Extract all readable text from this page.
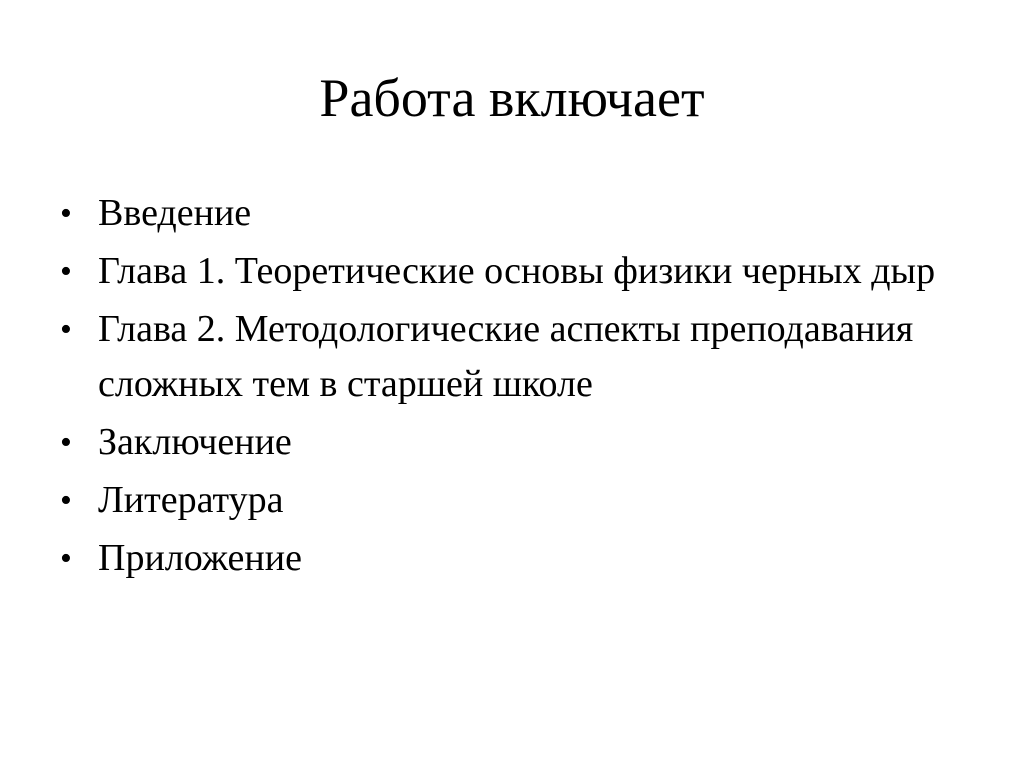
Работа включает
• Введение
• Глава 1. Теоретические основы физики черных дыр
• Глава 2. Методологические аспекты преподавания сложных тем в старшей школе
• Заключение
• Литература
• Приложение
